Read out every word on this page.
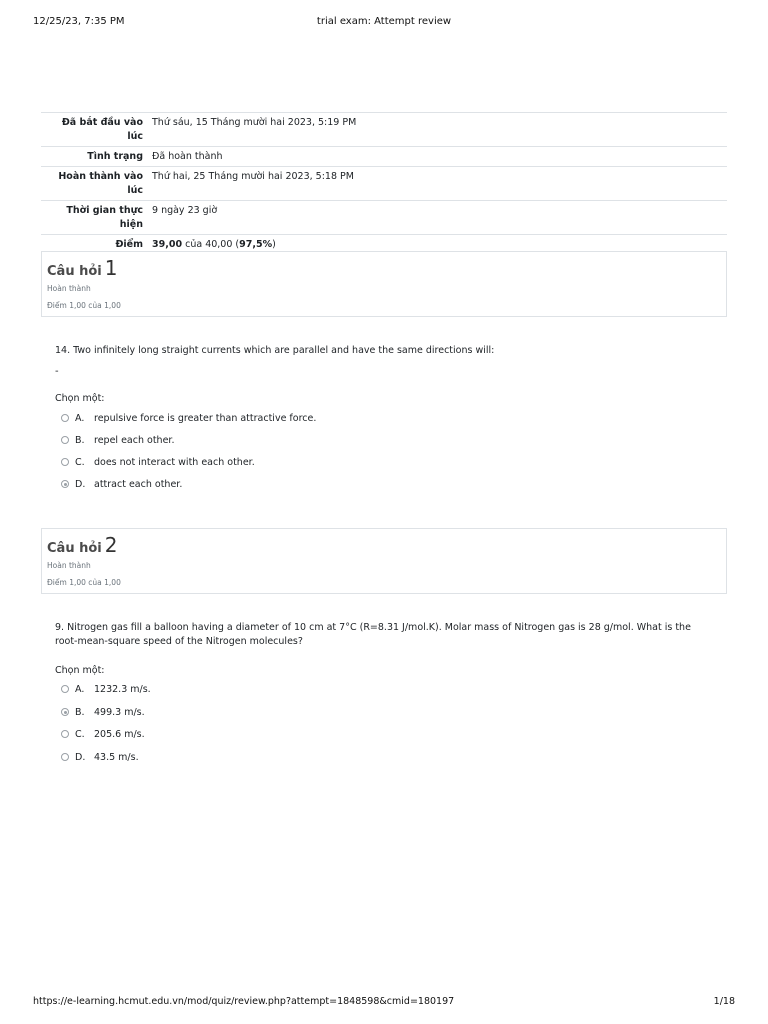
12/25/23, 7:35 PM	trial exam: Attempt review
Đã bắt đầu vào lúc	Thứ sáu, 15 Tháng mười hai 2023, 5:19 PM
Tình trạng	Đã hoàn thành
Hoàn thành vào lúc	Thứ hai, 25 Tháng mười hai 2023, 5:18 PM
Thời gian thực hiện	9 ngày 23 giờ
Điểm	39,00 của 40,00 (97,5%)
Câu hỏi 1
Hoàn thành
Điểm 1,00 của 1,00
14. Two infinitely long straight currents which are parallel and have the same directions will:
-
Chọn một:
A.	repulsive force is greater than attractive force.
B. repel each other.
C. does not interact with each other.
D. attract each other.
Câu hỏi 2
Hoàn thành
Điểm 1,00 của 1,00
9. Nitrogen gas fill a balloon having a diameter of 10 cm at 7°C (R=8.31 J/mol.K). Molar mass of Nitrogen gas is 28 g/mol. What is the root-mean-square speed of the Nitrogen molecules?
Chọn một:
A.	1232.3 m/s.
B. 499.3 m/s.
C. 205.6 m/s.
D. 43.5 m/s.
https://e-learning.hcmut.edu.vn/mod/quiz/review.php?attempt=1848598&cmid=180197	1/18
